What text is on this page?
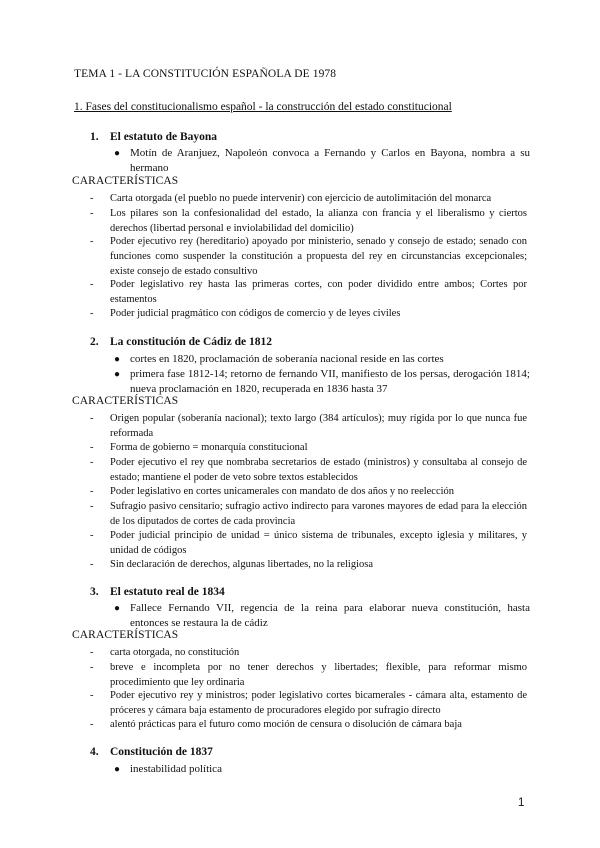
TEMA 1 - LA CONSTITUCIÓN ESPAÑOLA DE 1978
1. Fases del constitucionalismo español - la construcción del estado constitucional
1. El estatuto de Bayona
● Motín de Aranjuez, Napoleón convoca a Fernando y Carlos en Bayona, nombra a su hermano
CARACTERÍSTICAS
- Carta otorgada (el pueblo no puede intervenir) con ejercicio de autolimitación del monarca
- Los pilares son la confesionalidad del estado, la alianza con francia y el liberalismo y ciertos derechos (libertad personal e inviolabilidad del domicilio)
- Poder ejecutivo rey (hereditario) apoyado por ministerio, senado y consejo de estado; senado con funciones como suspender la constitución a propuesta del rey en circunstancias excepcionales; existe consejo de estado consultivo
- Poder legislativo rey hasta las primeras cortes, con poder dividido entre ambos; Cortes por estamentos
- Poder judicial pragmático con códigos de comercio y de leyes civiles
2. La constitución de Cádiz de 1812
● cortes en 1820, proclamación de soberanía nacional reside en las cortes
● primera fase 1812-14; retorno de fernando VII, manifiesto de los persas, derogación 1814; nueva proclamación en 1820, recuperada en 1836 hasta 37
CARACTERÍSTICAS
- Origen popular (soberanía nacional); texto largo (384 artículos); muy rígida por lo que nunca fue reformada
- Forma de gobierno = monarquía constitucional
- Poder ejecutivo el rey que nombraba secretarios de estado (ministros) y consultaba al consejo de estado; mantiene el poder de veto sobre textos establecidos
- Poder legislativo en cortes unicamerales con mandato de dos años y no reelección
- Sufragio pasivo censitario; sufragio activo indirecto para varones mayores de edad para la elección de los diputados de cortes de cada provincia
- Poder judicial principio de unidad = único sistema de tribunales, excepto iglesia y militares, y unidad de códigos
- Sin declaración de derechos, algunas libertades, no la religiosa
3. El estatuto real de 1834
● Fallece Fernando VII, regencia de la reina para elaborar nueva constitución, hasta entonces se restaura la de cádiz
CARACTERÍSTICAS
- carta otorgada, no constitución
- breve e incompleta por no tener derechos y libertades; flexible, para reformar mismo procedimiento que ley ordinaria
- Poder ejecutivo rey y ministros; poder legislativo cortes bicamerales - cámara alta, estamento de próceres y cámara baja estamento de procuradores elegido por sufragio directo
- alentó prácticas para el futuro como moción de censura o disolución de cámara baja
4. Constitución de 1837
● inestabilidad política
1
